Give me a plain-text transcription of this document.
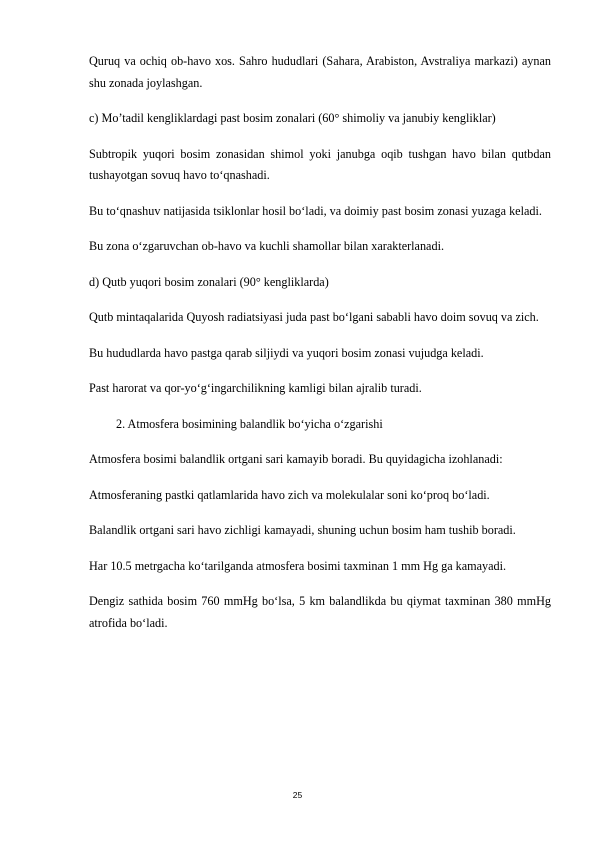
Quruq va ochiq ob-havo xos. Sahro hududlari (Sahara, Arabiston, Avstraliya markazi) aynan shu zonada joylashgan.

c) Mo’tadil kengliklardagi past bosim zonalari (60° shimoliy va janubiy kengliklar)

Subtropik yuqori bosim zonasidan shimol yoki janubga oqib tushgan havo bilan qutbdan tushayotgan sovuq havo to‘qnashadi.

Bu to‘qnashuv natijasida tsiklonlar hosil bo‘ladi, va doimiy past bosim zonasi yuzaga keladi.

Bu zona o‘zgaruvchan ob-havo va kuchli shamollar bilan xarakterlanadi.

d) Qutb yuqori bosim zonalari (90° kengliklarda)

Qutb mintaqalarida Quyosh radiatsiyasi juda past bo‘lgani sababli havo doim sovuq va zich.

Bu hududlarda havo pastga qarab siljiydi va yuqori bosim zonasi vujudga keladi.

Past harorat va qor-yo‘g‘ingarchilikning kamligi bilan ajralib turadi.

2. Atmosfera bosimining balandlik bo‘yicha o‘zgarishi

Atmosfera bosimi balandlik ortgani sari kamayib boradi. Bu quyidagicha izohlanadi:

Atmosferaning pastki qatlamlarida havo zich va molekulalar soni ko‘proq bo‘ladi.

Balandlik ortgani sari havo zichligi kamayadi, shuning uchun bosim ham tushib boradi.

Har 10.5 metrgacha ko‘tarilganda atmosfera bosimi taxminan 1 mm Hg ga kamayadi.

Dengiz sathida bosim 760 mmHg bo‘lsa, 5 km balandlikda bu qiymat taxminan 380 mmHg atrofida bo‘ladi.

25
